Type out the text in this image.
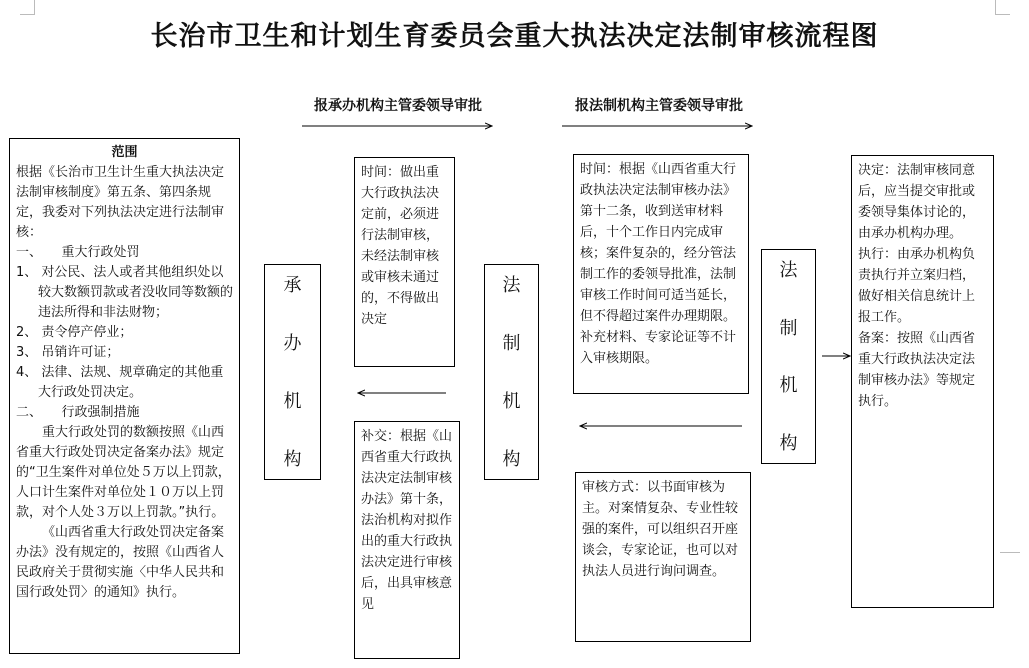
长治市卫生和计划生育委员会重大执法决定法制审核流程图
报承办机构主管委领导审批	报法制机构主管委领导审批

范围

根据《长治市卫生计生重大执法决定法制审核制度》第五条、第四条规定，我委对下列执法决定进行法制审核：

一、　　重大行政处罚

1、 对公民、法人或者其他组织处以较大数额罚款或者没收同等数额的违法所得和非法财物；

2、 责令停产停业；

3、 吊销许可证；

4、 法律、法规、规章确定的其他重大行政处罚决定。

二、　　行政强制措施

重大行政处罚的数额按照《山西省重大行政处罚决定备案办法》规定的“卫生案件对单位处５万以上罚款，人口计生案件对单位处１０万以上罚款，对个人处３万以上罚款。”执行。

《山西省重大行政处罚决定备案办法》没有规定的，按照《山西省人民政府关于贯彻实施〈中华人民共和国行政处罚〉的通知》执行。

承
办
机
构

时间：做出重大行政执法决定前，必须进行法制审核，未经法制审核或审核未通过的，不得做出决定

补交：根据《山西省重大行政执法决定法制审核办法》第十条，法治机构对拟作出的重大行政执法决定进行审核后，出具审核意见

法
制
机
构

时间：根据《山西省重大行政执法决定法制审核办法》第十二条，收到送审材料后，十个工作日内完成审核；案件复杂的，经分管法制工作的委领导批准，法制审核工作时间可适当延长，但不得超过案件办理期限。补充材料、专家论证等不计入审核期限。

审核方式：以书面审核为主。对案情复杂、专业性较强的案件，可以组织召开座谈会，专家论证，也可以对执法人员进行询问调查。

法
制
机
构

决定：法制审核同意后，应当提交审批或委领导集体讨论的，由承办机构办理。

执行：由承办机构负责执行并立案归档，做好相关信息统计上报工作。

备案：按照《山西省重大行政执法决定法制审核办法》等规定执行。
